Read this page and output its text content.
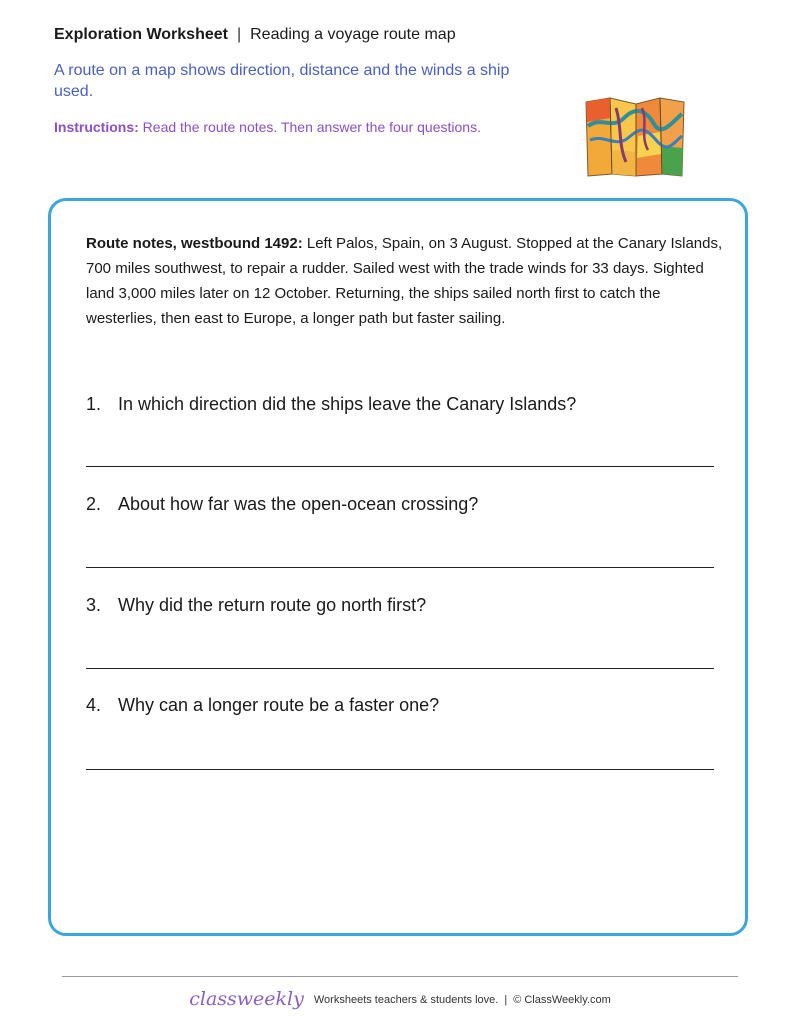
Exploration Worksheet | Reading a voyage route map
A route on a map shows direction, distance and the winds a ship used.
Instructions: Read the route notes. Then answer the four questions.
Route notes, westbound 1492: Left Palos, Spain, on 3 August. Stopped at the Canary Islands, 700 miles southwest, to repair a rudder. Sailed west with the trade winds for 33 days. Sighted land 3,000 miles later on 12 October. Returning, the ships sailed north first to catch the westerlies, then east to Europe, a longer path but faster sailing.
1. In which direction did the ships leave the Canary Islands?
2. About how far was the open-ocean crossing?
3. Why did the return route go north first?
4. Why can a longer route be a faster one?
classweekly Worksheets teachers & students love. | © ClassWeekly.com
